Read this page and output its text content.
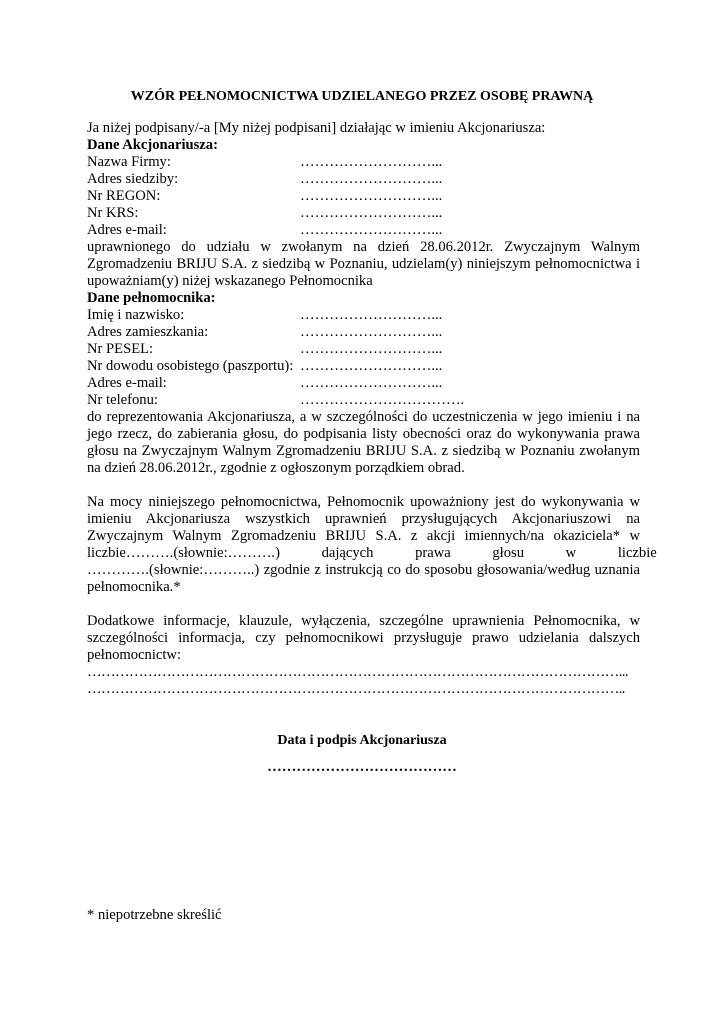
WZÓR PEŁNOMOCNICTWA UDZIELANEGO PRZEZ OSOBĘ PRAWNĄ
Ja niżej podpisany/-a [My niżej podpisani] działając w imieniu Akcjonariusza:
Dane Akcjonariusza:
Nazwa Firmy:	………………………...
Adres siedziby:	………………………...
Nr REGON:	………………………...
Nr KRS:	………………………...
Adres e-mail:	………………………...
uprawnionego do udziału w zwołanym na dzień 28.06.2012r. Zwyczajnym Walnym
Zgromadzeniu BRIJU S.A. z siedzibą w Poznaniu, udzielam(y) niniejszym pełnomocnictwa i
upoważniam(y) niżej wskazanego Pełnomocnika
Dane pełnomocnika:
Imię i nazwisko:	………………………...
Adres zamieszkania:	………………………...
Nr PESEL:	………………………...
Nr dowodu osobistego (paszportu): ………………………...
Adres e-mail:	………………………...
Nr telefonu:	…………………………….
do reprezentowania Akcjonariusza, a w szczególności do uczestniczenia w jego imieniu i na
jego rzecz, do zabierania głosu, do podpisania listy obecności oraz do wykonywania prawa
głosu na Zwyczajnym Walnym Zgromadzeniu BRIJU S.A. z siedzibą w Poznaniu zwołanym
na dzień 28.06.2012r., zgodnie z ogłoszonym porządkiem obrad.
Na mocy niniejszego pełnomocnictwa, Pełnomocnik upoważniony jest do wykonywania w
imieniu Akcjonariusza wszystkich uprawnień przysługujących Akcjonariuszowi na
Zwyczajnym Walnym Zgromadzeniu BRIJU S.A. z akcji imiennych/na okaziciela* w
liczbie……….(słownie:……….) dających prawa głosu w liczbie
………….(słownie:………..) zgodnie z instrukcją co do sposobu głosowania/według uznania
pełnomocnika.*
Dodatkowe informacje, klauzule, wyłączenia, szczególne uprawnienia Pełnomocnika, w
szczególności informacja, czy pełnomocnikowi przysługuje prawo udzielania dalszych
pełnomocnictw:
……………………………………………………………………………………………………...
……………………………………………………………………………………………………..
Data i podpis Akcjonariusza
…………………………………
* niepotrzebne skreślić
